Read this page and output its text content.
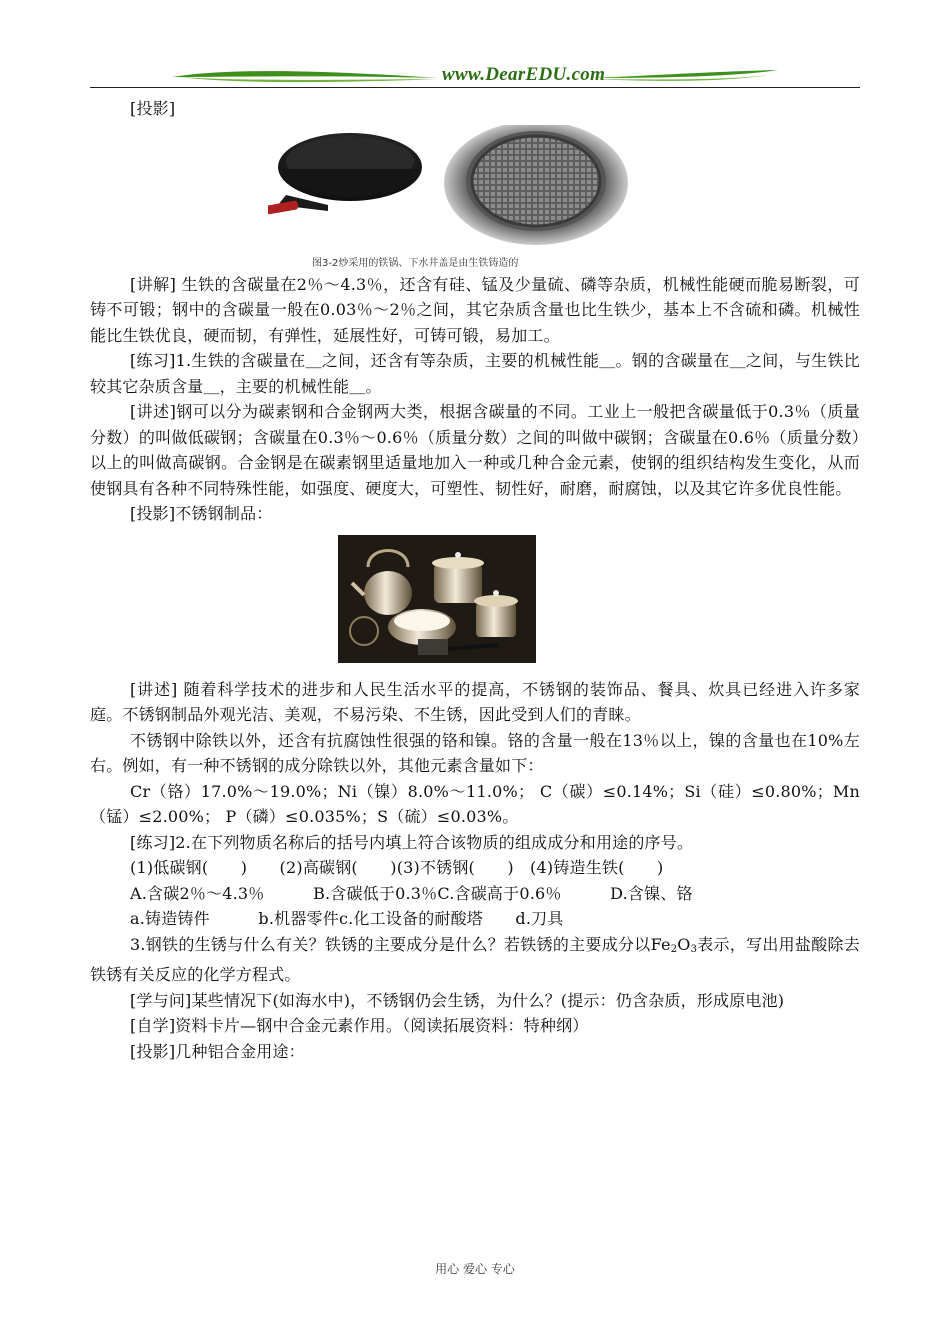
www.DearEDU.com

[投影]

图3-2炒采用的铁锅、下水井盖是由生铁铸造的

[讲解] 生铁的含碳量在2％～4.3％，还含有硅、锰及少量硫、磷等杂质，机械性能硬而脆易断裂，可铸不可锻；钢中的含碳量一般在0.03％～2％之间，其它杂质含量也比生铁少，基本上不含硫和磷。机械性能比生铁优良，硬而韧，有弹性，延展性好，可铸可锻，易加工。

[练习]1.生铁的含碳量在＿之间，还含有等杂质，主要的机械性能＿。钢的含碳量在＿之间，与生铁比较其它杂质含量＿，主要的机械性能＿。

[讲述]钢可以分为碳素钢和合金钢两大类，根据含碳量的不同。工业上一般把含碳量低于0.3％（质量分数）的叫做低碳钢；含碳量在0.3％～0.6％（质量分数）之间的叫做中碳钢；含碳量在0.6％（质量分数）以上的叫做高碳钢。合金钢是在碳素钢里适量地加入一种或几种合金元素，使钢的组织结构发生变化，从而使钢具有各种不同特殊性能，如强度、硬度大，可塑性、韧性好，耐磨，耐腐蚀，以及其它许多优良性能。

[投影]不锈钢制品：

[讲述] 随着科学技术的进步和人民生活水平的提高，不锈钢的装饰品、餐具、炊具已经进入许多家庭。不锈钢制品外观光洁、美观，不易污染、不生锈，因此受到人们的青睐。

不锈钢中除铁以外，还含有抗腐蚀性很强的铬和镍。铬的含量一般在13％以上，镍的含量也在10%左右。例如，有一种不锈钢的成分除铁以外，其他元素含量如下：

Cr（铬）17.0%～19.0%；Ni（镍）8.0%～11.0%； C（碳）≤0.14%；Si（硅）≤0.80%；Mn（锰）≤2.00%； P（磷）≤0.035%；S（硫）≤0.03%。

[练习]2.在下列物质名称后的括号内填上符合该物质的组成成分和用途的序号。

(1)低碳钢(　　)　　(2)高碳钢(　　)(3)不锈钢(　　)　(4)铸造生铁(　　)

A.含碳2％～4.3％　　　B.含碳低于0.3％C.含碳高于0.6％　　　D.含镍、铬

a.铸造铸件　　　b.机器零件c.化工设备的耐酸塔　　d.刀具

3.钢铁的生锈与什么有关？铁锈的主要成分是什么？若铁锈的主要成分以$Fe_2O_3$表示，写出用盐酸除去铁锈有关反应的化学方程式。

[学与问]某些情况下(如海水中)，不锈钢仍会生锈，为什么？(提示：仍含杂质，形成原电池)

[自学]资料卡片—钢中合金元素作用。（阅读拓展资料：特种纲）

[投影]几种铝合金用途：

用心 爱心 专心
